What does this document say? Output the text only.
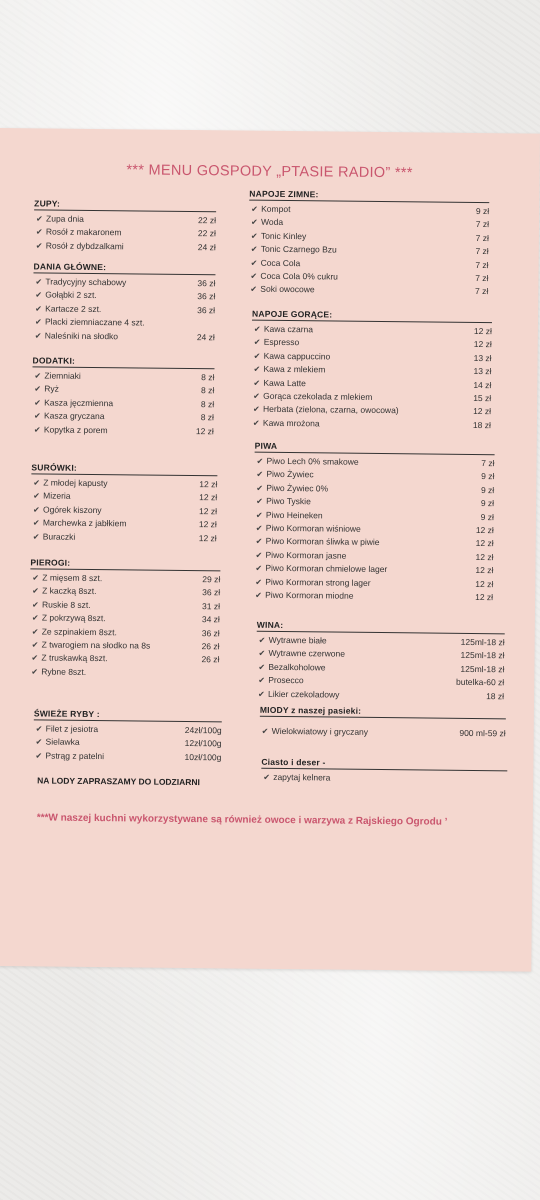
*** MENU GOSPODY „PTASIE RADIO” ***
ZUPY:
✔ Zupa dnia	22 zł
✔ Rosół z makaronem	22 zł
✔ Rosół z dybdzalkami	24 zł
DANIA GŁÓWNE:
✔ Tradycyjny schabowy	36 zł
✔ Gołąbki 2 szt.	36 zł
✔ Kartacze 2 szt.	36 zł
✔ Placki ziemniaczane 4 szt.
✔ Naleśniki na słodko	24 zł
DODATKI:
✔ Ziemniaki	8 zł
✔ Ryż	8 zł
✔ Kasza jęczmienna	8 zł
✔ Kasza gryczana	8 zł
✔ Kopytka z porem	12 zł
SURÓWKI:
✔ Z młodej kapusty	12 zł
✔ Mizeria	12 zł
✔ Ogórek kiszony	12 zł
✔ Marchewka z jabłkiem	12 zł
✔ Buraczki	12 zł
PIEROGI:
✔ Z mięsem 8 szt.	29 zł
✔ Z kaczką 8szt.	36 zł
✔ Ruskie 8 szt.	31 zł
✔ Z pokrzywą 8szt.	34 zł
✔ Ze szpinakiem 8szt.	36 zł
✔ Z twarogiem na słodko na 8s	26 zł
✔ Z truskawką 8szt.	26 zł
✔ Rybne 8szt.
ŚWIEŻE RYBY :
✔ Filet z jesiotra	24zł/100g
✔ Sielawka	12zł/100g
✔ Pstrąg z patelni	10zł/100g
NA LODY ZAPRASZAMY DO LODZIARNI
NAPOJE ZIMNE:
✔ Kompot	9 zł
✔ Woda	7 zł
✔ Tonic Kinley	7 zł
✔ Tonic Czarnego Bzu	7 zł
✔ Coca Cola	7 zł
✔ Coca Cola 0% cukru	7 zł
✔ Soki owocowe	7 zł
NAPOJE GORĄCE:
✔ Kawa czarna	12 zł
✔ Espresso	12 zł
✔ Kawa cappuccino	13 zł
✔ Kawa z mlekiem	13 zł
✔ Kawa Latte	14 zł
✔ Gorąca czekolada z mlekiem	15 zł
✔ Herbata (zielona, czarna, owocowa)	12 zł
✔ Kawa mrożona	18 zł
PIWA
✔ Piwo Lech 0% smakowe	7 zł
✔ Piwo Żywiec	9 zł
✔ Piwo Żywiec 0%	9 zł
✔ Piwo Tyskie	9 zł
✔ Piwo Heineken	9 zł
✔ Piwo Kormoran wiśniowe	12 zł
✔ Piwo Kormoran śliwka w piwie	12 zł
✔ Piwo Kormoran jasne	12 zł
✔ Piwo Kormoran chmielowe lager	12 zł
✔ Piwo Kormoran strong lager	12 zł
✔ Piwo Kormoran miodne	12 zł
WINA:
✔ Wytrawne białe	125ml-18 zł
✔ Wytrawne czerwone	125ml-18 zł
✔ Bezalkoholowe	125ml-18 zł
✔ Prosecco	butelka-60 zł
✔ Likier czekoladowy	18 zł
MIODY z naszej pasieki:
✔ Wielokwiatowy i gryczany	900 ml-59 zł
Ciasto i deser -
✔ zapytaj kelnera
***W naszej kuchni wykorzystywane są również owoce i warzywa z Rajskiego Ogrodu ’
